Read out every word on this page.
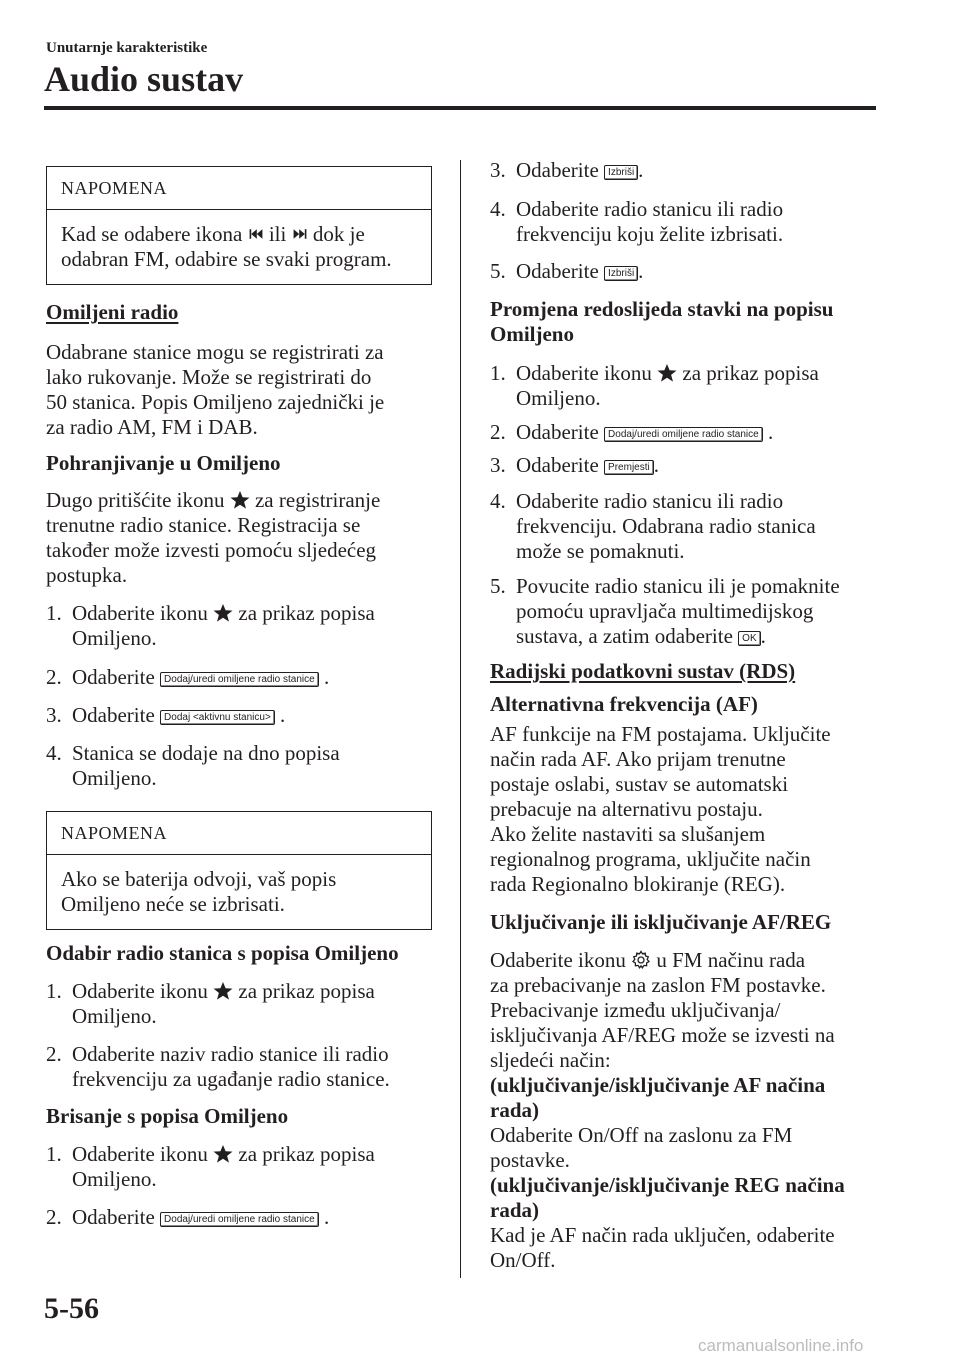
Unutarnje karakteristike
Audio sustav
NAPOMENA

Kad se odabere ikona ili dok je

odabran FM, odabire se svaki program.

Omiljeni radio

Odabrane stanice mogu se registrirati za

lako rukovanje. Može se registrirati do

50 stanica. Popis Omiljeno zajednički je

za radio AM, FM i DAB.

Pohranjivanje u Omiljeno

Dugo pritišćite ikonu za registriranje

trenutne radio stanice. Registracija se

također može izvesti pomoću sljedećeg

postupka.

1. Odaberite ikonu za prikaz popisa

Omiljeno.

2. Odaberite Dodaj/uredi omiljene radio stanice .

3. Odaberite Dodaj <aktivnu stanicu> .

4. Stanica se dodaje na dno popisa

Omiljeno.

NAPOMENA

Ako se baterija odvoji, vaš popis

Omiljeno neće se izbrisati.

Odabir radio stanica s popisa Omiljeno

1. Odaberite ikonu za prikaz popisa

Omiljeno.

2. Odaberite naziv radio stanice ili radio

frekvenciju za ugađanje radio stanice.

Brisanje s popisa Omiljeno

1. Odaberite ikonu za prikaz popisa

Omiljeno.

2. Odaberite Dodaj/uredi omiljene radio stanice .

3. Odaberite Izbriši .

4. Odaberite radio stanicu ili radio

frekvenciju koju želite izbrisati.

5. Odaberite Izbriši .

Promjena redoslijeda stavki na popisu

Omiljeno

1. Odaberite ikonu za prikaz popisa

Omiljeno.

2. Odaberite Dodaj/uredi omiljene radio stanice .

3. Odaberite Premjesti .

4. Odaberite radio stanicu ili radio

frekvenciju. Odabrana radio stanica

može se pomaknuti.

5. Povucite radio stanicu ili je pomaknite

pomoću upravljača multimedijskog

sustava, a zatim odaberite OK .

Radijski podatkovni sustav (RDS)

Alternativna frekvencija (AF)

AF funkcije na FM postajama. Uključite

način rada AF. Ako prijam trenutne

postaje oslabi, sustav se automatski

prebacuje na alternativu postaju.

Ako želite nastaviti sa slušanjem

regionalnog programa, uključite način

rada Regionalno blokiranje (REG).

Uključivanje ili isključivanje AF/REG

Odaberite ikonu u FM načinu rada

za prebacivanje na zaslon FM postavke.

Prebacivanje između uključivanja/

isključivanja AF/REG može se izvesti na

sljedeći način:

(uključivanje/isključivanje AF načina

rada)

Odaberite On/Off na zaslonu za FM

postavke.

(uključivanje/isključivanje REG načina

rada)

Kad je AF način rada uključen, odaberite

On/Off.

5-56
carmanualsonline.info
